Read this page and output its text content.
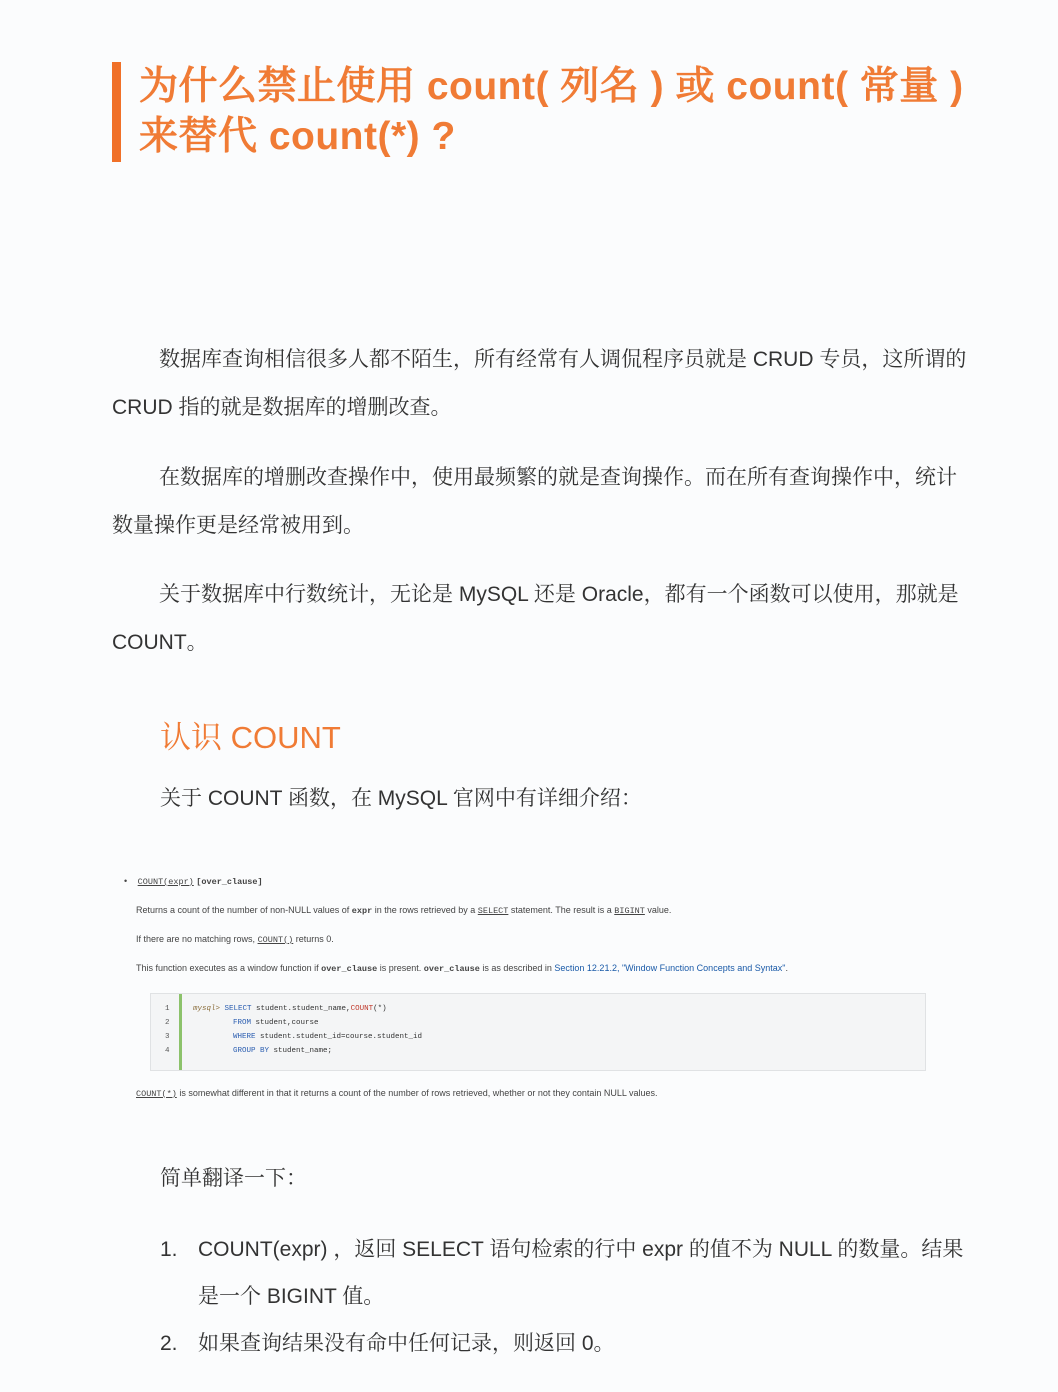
为什么禁止使用 count( 列名 ) 或 count( 常量 )
来替代 count(*) ?

数据库查询相信很多人都不陌生，所有经常有人调侃程序员就是 CRUD 专员，这所谓的 CRUD 指的就是数据库的增删改查。

在数据库的增删改查操作中，使用最频繁的就是查询操作。而在所有查询操作中，统计数量操作更是经常被用到。

关于数据库中行数统计，无论是 MySQL 还是 Oracle，都有一个函数可以使用，那就是 COUNT。

认识 COUNT

关于 COUNT 函数，在 MySQL 官网中有详细介绍：

• COUNT(expr) [over_clause]
Returns a count of the number of non-NULL values of expr in the rows retrieved by a SELECT statement. The result is a BIGINT value.
If there are no matching rows, COUNT() returns 0.
This function executes as a window function if over_clause is present. over_clause is as described in Section 12.21.2, "Window Function Concepts and Syntax".
1
2
3
4
mysql> SELECT student.student_name,COUNT(*)
FROM student,course
WHERE student.student_id=course.student_id
GROUP BY student_name;
COUNT(*) is somewhat different in that it returns a count of the number of rows retrieved, whether or not they contain NULL values.

简单翻译一下：

1. COUNT(expr) ，返回 SELECT 语句检索的行中 expr 的值不为 NULL 的数量。结果是一个 BIGINT 值。
2. 如果查询结果没有命中任何记录，则返回 0。
